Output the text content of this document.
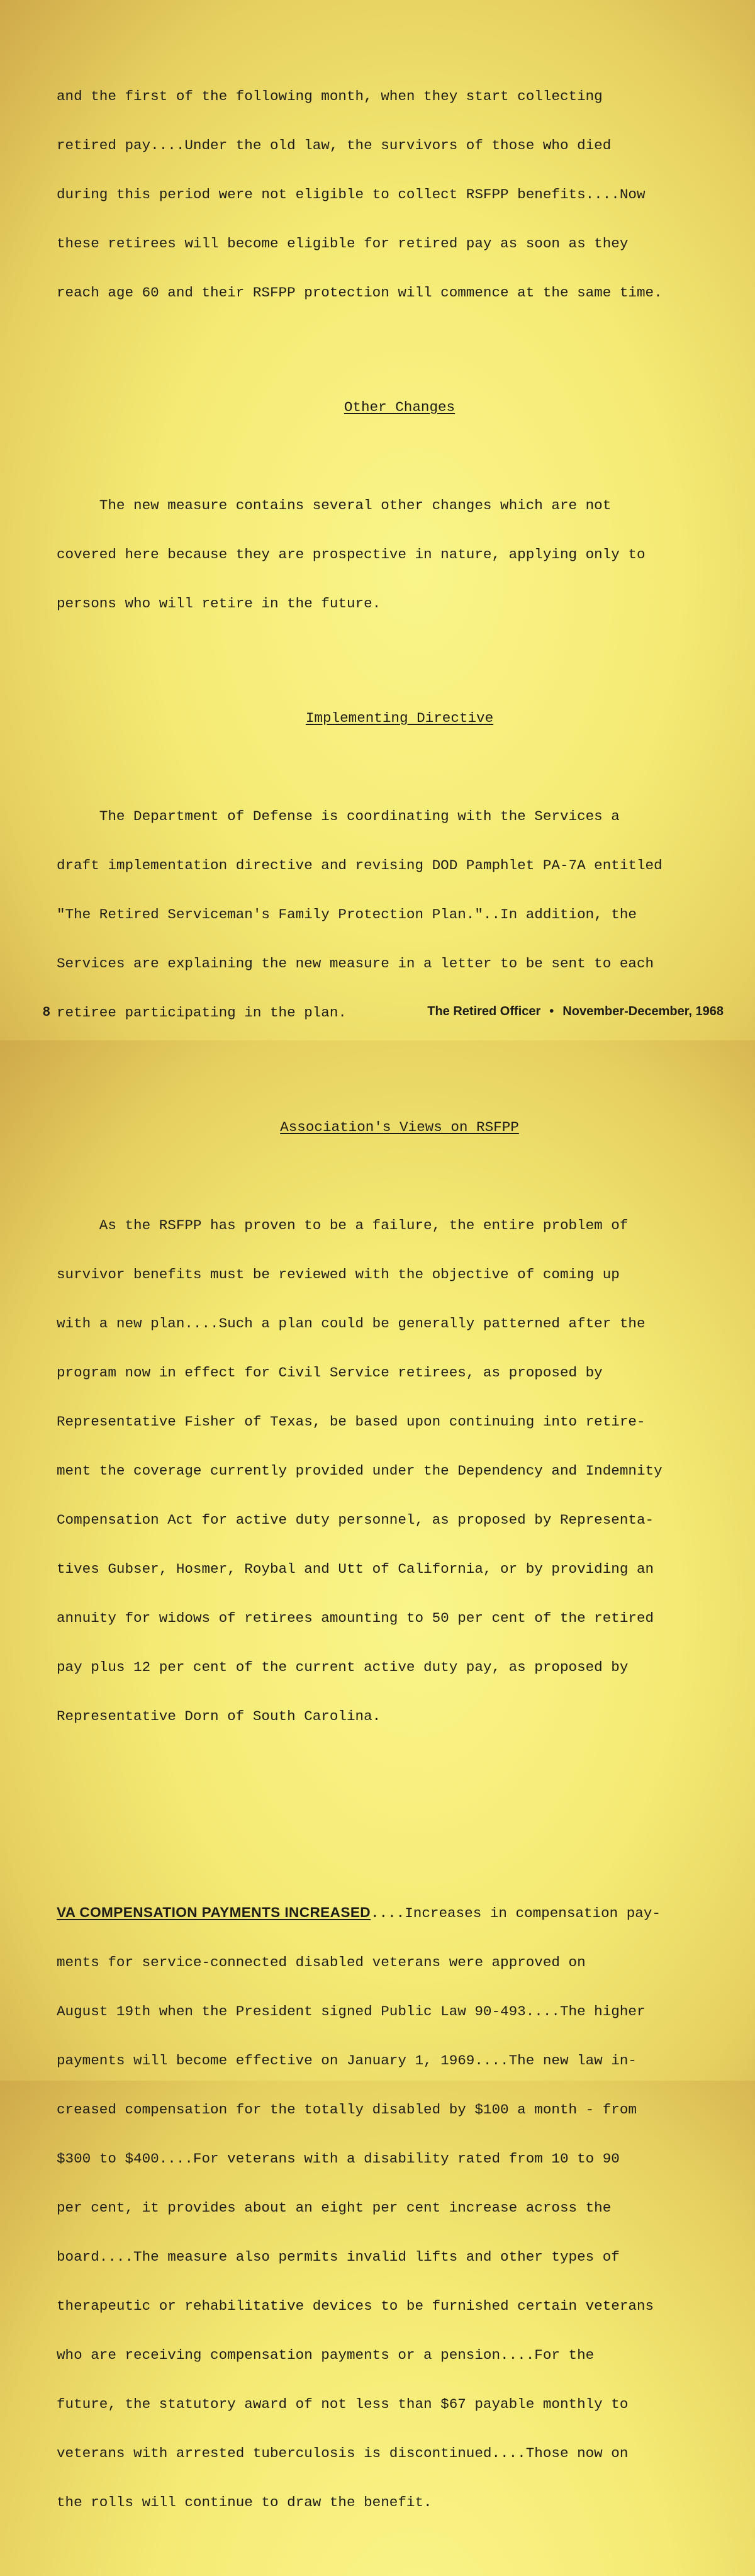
and the first of the following month, when they start collecting

retired pay....Under the old law, the survivors of those who died

during this period were not eligible to collect RSFPP benefits....Now

these retirees will become eligible for retired pay as soon as they

reach age 60 and their RSFPP protection will commence at the same time.

Other Changes

The new measure contains several other changes which are not

covered here because they are prospective in nature, applying only to

persons who will retire in the future.

Implementing Directive

The Department of Defense is coordinating with the Services a

draft implementation directive and revising DOD Pamphlet PA-7A entitled

"The Retired Serviceman's Family Protection Plan."..In addition, the

Services are explaining the new measure in a letter to be sent to each

retiree participating in the plan.

Association's Views on RSFPP

As the RSFPP has proven to be a failure, the entire problem of

survivor benefits must be reviewed with the objective of coming up

with a new plan....Such a plan could be generally patterned after the

program now in effect for Civil Service retirees, as proposed by

Representative Fisher of Texas, be based upon continuing into retire-

ment the coverage currently provided under the Dependency and Indemnity

Compensation Act for active duty personnel, as proposed by Representa-

tives Gubser, Hosmer, Roybal and Utt of California, or by providing an

annuity for widows of retirees amounting to 50 per cent of the retired

pay plus 12 per cent of the current active duty pay, as proposed by

Representative Dorn of South Carolina.

VA COMPENSATION PAYMENTS INCREASED....Increases in compensation pay-

ments for service-connected disabled veterans were approved on

August 19th when the President signed Public Law 90-493....The higher

payments will become effective on January 1, 1969....The new law in-

creased compensation for the totally disabled by $100 a month - from

$300 to $400....For veterans with a disability rated from 10 to 90

per cent, it provides about an eight per cent increase across the

board....The measure also permits invalid lifts and other types of

therapeutic or rehabilitative devices to be furnished certain veterans

who are receiving compensation payments or a pension....For the

future, the statutory award of not less than $67 payable monthly to

veterans with arrested tuberculosis is discontinued....Those now on

the rolls will continue to draw the benefit.

8	The Retired Officer • November-December, 1968
